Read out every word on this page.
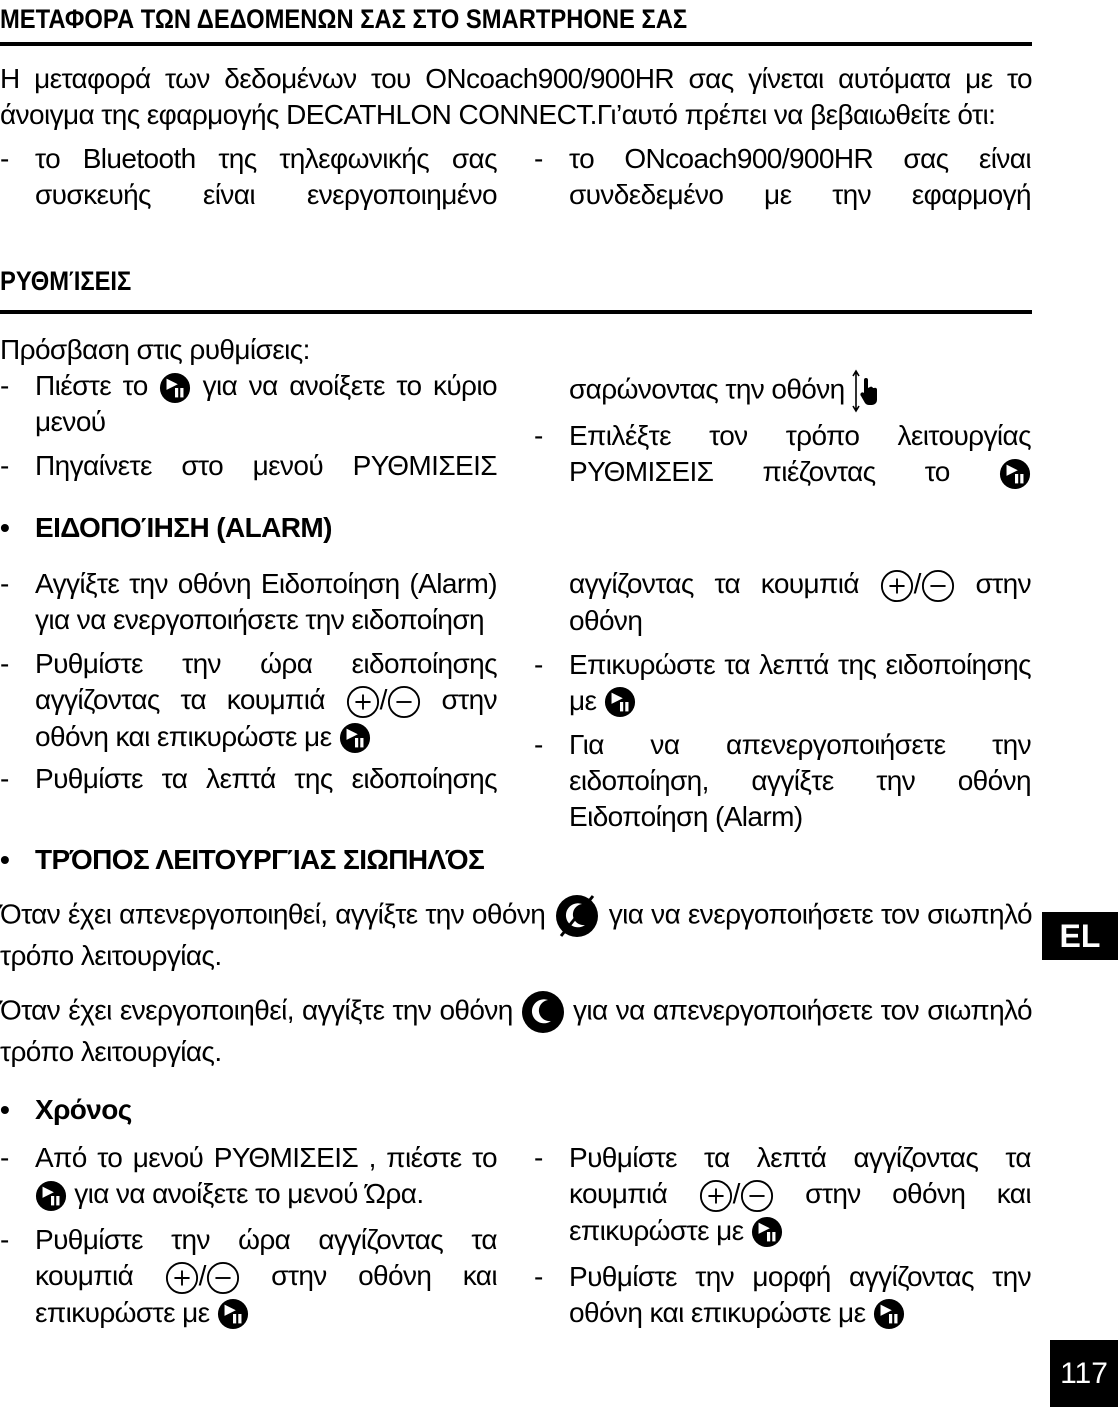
ΜΕΤΑΦΟΡΑ ΤΩΝ ΔΕΔΟΜΕΝΩΝ ΣΑΣ ΣΤΟ SMARTPHONE ΣΑΣ
Η μεταφορά των δεδομένων του ONcoach900/900HR σας γίνεται αυτόματα με το άνοιγμα της εφαρμογής DECATHLON CONNECT.Γι’αυτό πρέπει να βεβαιωθείτε ότι:
- το Bluetooth της τηλεφωνικής σας συσκευής είναι ενεργοποιημένο
- το ONcoach900/900HR σας είναι συνδεδεμένο με την εφαρμογή
ΡΥΘΜΊΣΕΙΣ
Πρόσβαση στις ρυθμίσεις:
- Πιέστε το για να ανοίξετε το κύριο μενού
- Πηγαίνετε στο μενού ΡΥΘΜΙΣΕΙΣ
σαρώνοντας την οθόνη
- Επιλέξτε τον τρόπο λειτουργίας ΡΥΘΜΙΣΕΙΣ πιέζοντας το
• ΕΙΔΟΠΟΊΗΣΗ (ALARM)
- Αγγίξτε την οθόνη Ειδοποίηση (Alarm) για να ενεργοποιήσετε την ειδοποίηση
- Ρυθμίστε την ώρα ειδοποίησης αγγίζοντας τα κουμπιά / στην οθόνη και επικυρώστε με
- Ρυθμίστε τα λεπτά της ειδοποίησης
αγγίζοντας τα κουμπιά / στην οθόνη
- Επικυρώστε τα λεπτά της ειδοποίησης με
- Για να απενεργοποιήσετε την ειδοποίηση, αγγίξτε την οθόνη Ειδοποίηση (Alarm)
• ΤΡΌΠΟΣ ΛΕΙΤΟΥΡΓΊΑΣ ΣΙΩΠΗΛΌΣ
Όταν έχει απενεργοποιηθεί, αγγίξτε την οθόνη για να ενεργοποιήσετε τον σιωπηλό τρόπο λειτουργίας.
Όταν έχει ενεργοποιηθεί, αγγίξτε την οθόνη για να απενεργοποιήσετε τον σιωπηλό τρόπο λειτουργίας.
• Χρόνος
- Από το μενού ΡΥΘΜΙΣΕΙΣ , πιέστε το  για να ανοίξετε το μενού Ώρα.
- Ρυθμίστε την ώρα αγγίζοντας τα κουμπιά / στην οθόνη και επικυρώστε με
- Ρυθμίστε τα λεπτά αγγίζοντας τα κουμπιά / στην οθόνη και επικυρώστε με
- Ρυθμίστε την μορφή αγγίζοντας την οθόνη και επικυρώστε με
EL
117
